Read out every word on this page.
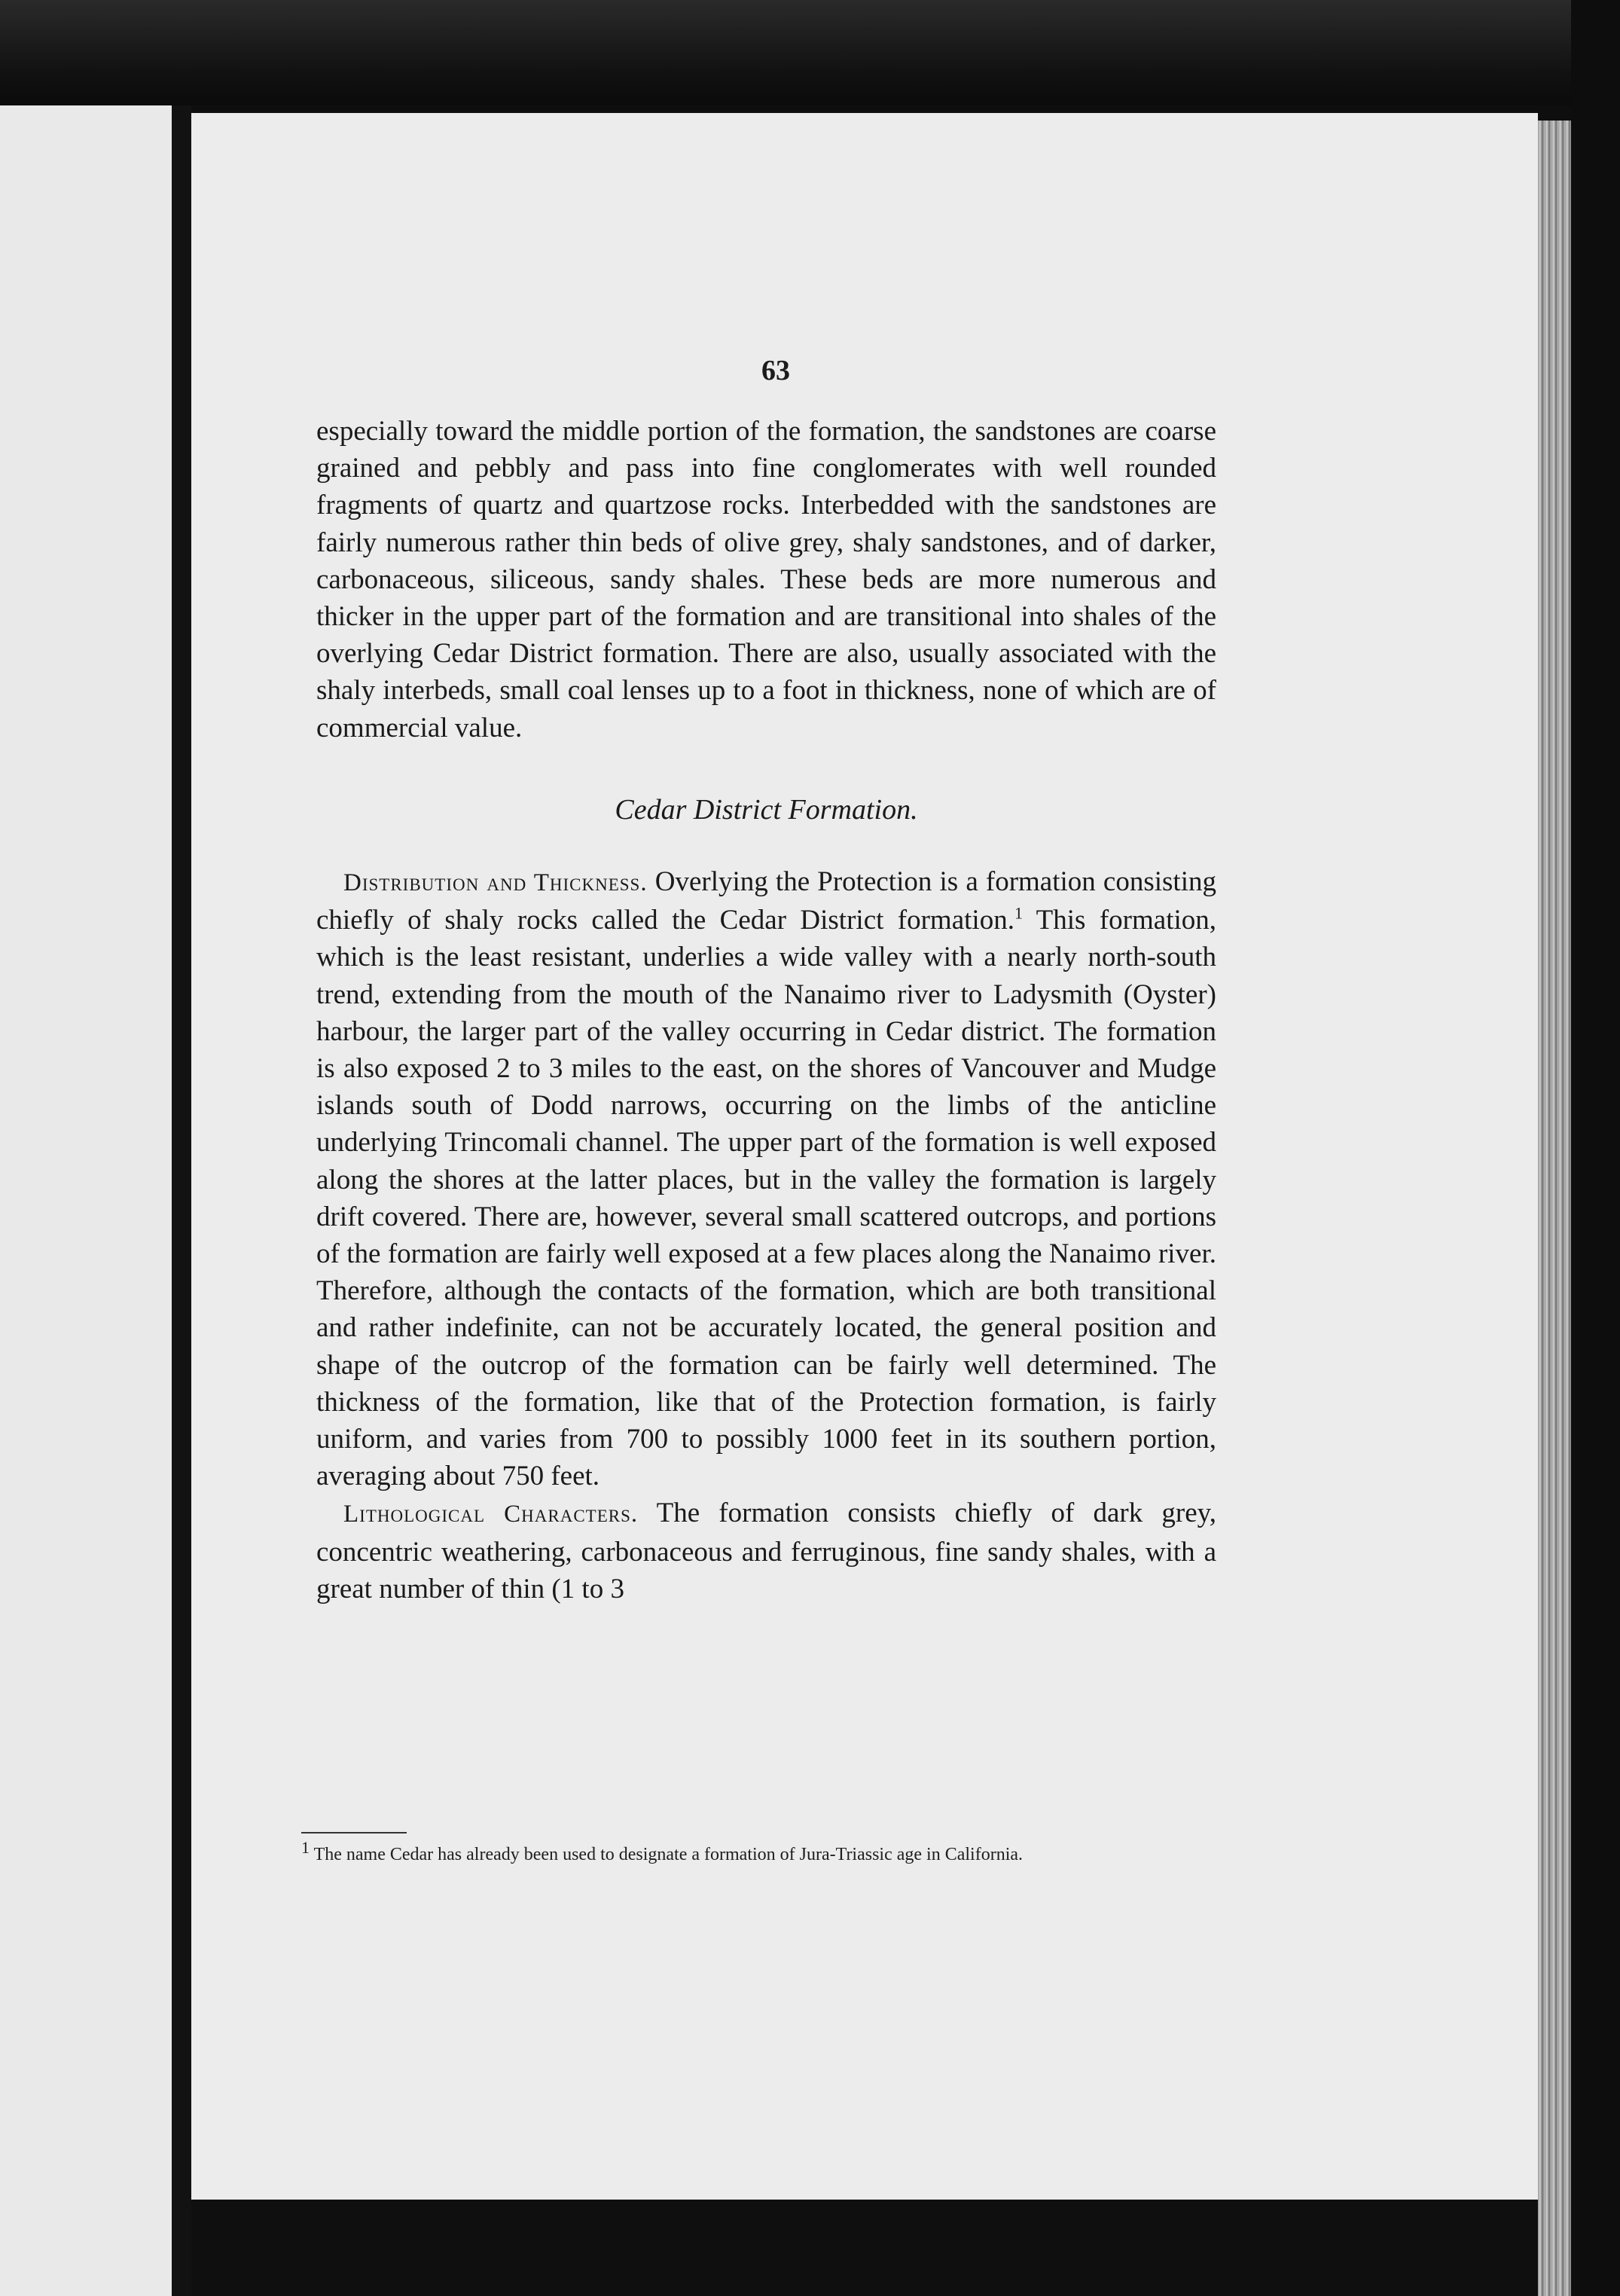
63

especially toward the middle portion of the formation, the sandstones are coarse grained and pebbly and pass into fine conglomerates with well rounded fragments of quartz and quartzose rocks. Interbedded with the sandstones are fairly numerous rather thin beds of olive grey, shaly sandstones, and of darker, carbonaceous, siliceous, sandy shales. These beds are more numerous and thicker in the upper part of the formation and are transitional into shales of the overlying Cedar District formation. There are also, usually associated with the shaly interbeds, small coal lenses up to a foot in thickness, none of which are of commercial value.

Cedar District Formation.

Distribution and Thickness. Overlying the Protection is a formation consisting chiefly of shaly rocks called the Cedar District formation.$^1$ This formation, which is the least resistant, underlies a wide valley with a nearly north-south trend, extending from the mouth of the Nanaimo river to Ladysmith (Oyster) harbour, the larger part of the valley occurring in Cedar district. The formation is also exposed 2 to 3 miles to the east, on the shores of Vancouver and Mudge islands south of Dodd narrows, occurring on the limbs of the anticline underlying Trincomali channel. The upper part of the formation is well exposed along the shores at the latter places, but in the valley the formation is largely drift covered. There are, however, several small scattered outcrops, and portions of the formation are fairly well exposed at a few places along the Nanaimo river. Therefore, although the contacts of the formation, which are both transitional and rather indefinite, can not be accurately located, the general position and shape of the outcrop of the formation can be fairly well determined. The thickness of the formation, like that of the Protection formation, is fairly uniform, and varies from 700 to possibly 1000 feet in its southern portion, averaging about 750 feet.

Lithological Characters. The formation consists chiefly of dark grey, concentric weathering, carbonaceous and ferruginous, fine sandy shales, with a great number of thin (1 to 3

$^1$ The name Cedar has already been used to designate a formation of Jura-Triassic age in California.
